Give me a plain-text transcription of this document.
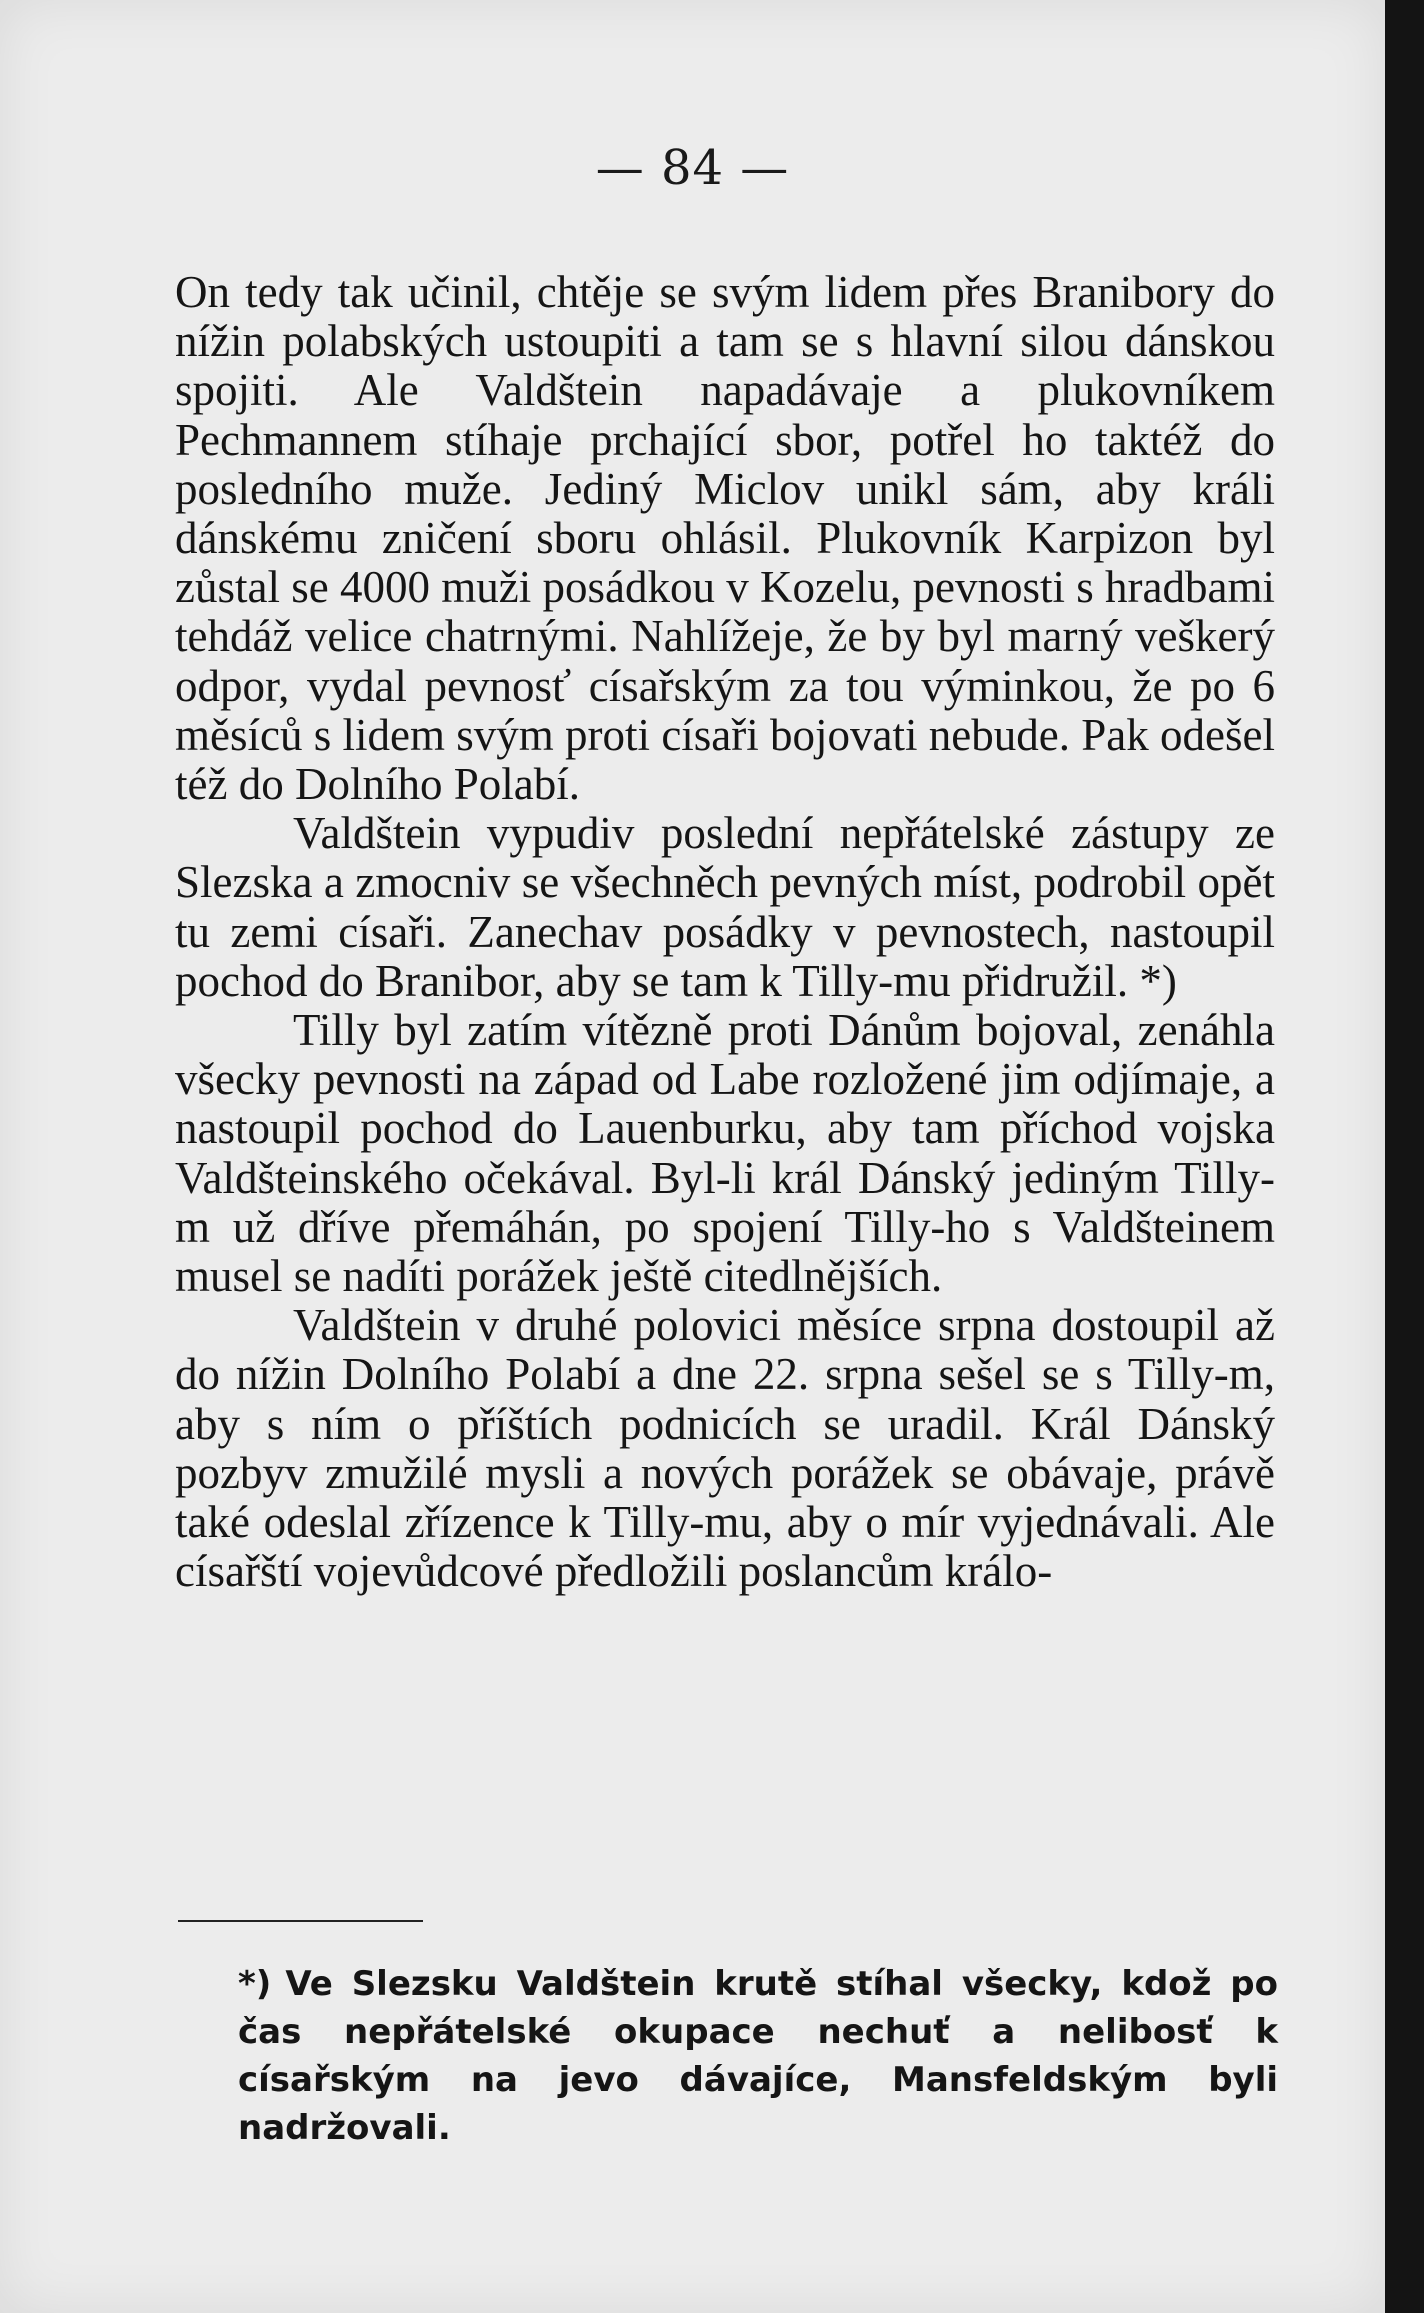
— 84 —

On tedy tak učinil, chtěje se svým lidem přes Branibory do nížin polabských ustoupiti a tam se s hlavní silou dánskou spojiti. Ale Valdštein napadávaje a plukovníkem Pechmannem stíhaje prchající sbor, potřel ho taktéž do posledního muže. Jediný Miclov unikl sám, aby králi dánskému zničení sboru ohlásil. Plukovník Karpizon byl zůstal se 4000 muži posádkou v Kozelu, pevnosti s hradbami tehdáž velice chatrnými. Nahlížeje, že by byl marný veškerý odpor, vydal pevnosť císařským za tou výminkou, že po 6 měsíců s lidem svým proti císaři bojovati nebude. Pak odešel též do Dolního Polabí.

Valdštein vypudiv poslední nepřátelské zástupy ze Slezska a zmocniv se všechněch pevných míst, podrobil opět tu zemi císaři. Zanechav posádky v pevnostech, nastoupil pochod do Branibor, aby se tam k Tilly-mu přidružil. *)

Tilly byl zatím vítězně proti Dánům bojoval, zenáhla všecky pevnosti na západ od Labe rozložené jim odjímaje, a nastoupil pochod do Lauenburku, aby tam příchod vojska Valdšteinského očekával. Byl-li král Dánský jediným Tilly-m už dříve přemáhán, po spojení Tilly-ho s Valdšteinem musel se nadíti porážek ještě citedlnějších.

Valdštein v druhé polovici měsíce srpna dostoupil až do nížin Dolního Polabí a dne 22. srpna sešel se s Tilly-m, aby s ním o příštích podnicích se uradil. Král Dánský pozbyv zmužilé mysli a nových porážek se obávaje, právě také odeslal zřízence k Tilly-mu, aby o mír vyjednávali. Ale císařští vojevůdcové předložili poslancům králo-

*) Ve Slezsku Valdštein krutě stíhal všecky, kdož po čas nepřátelské okupace nechuť a nelibosť k císařským na jevo dávajíce, Mansfeldským byli nadržovali.
